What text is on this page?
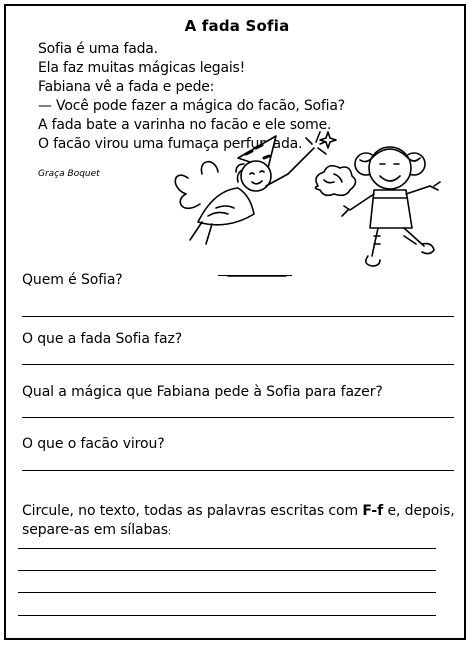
A fada Sofia
Sofia é uma fada.
Ela faz muitas mágicas legais!
Fabiana vê a fada e pede:
— Você pode fazer a mágica do facão, Sofia?
A fada bate a varinha no facão e ele some.
O facão virou uma fumaça perfumada.
Graça Boquet
Quem é Sofia?
O que a fada Sofia faz?
Qual a mágica que Fabiana pede à Sofia para fazer?
O que o facão virou?
Circule, no texto, todas as palavras escritas com F-f e, depois,
separe-as em sílabas:
